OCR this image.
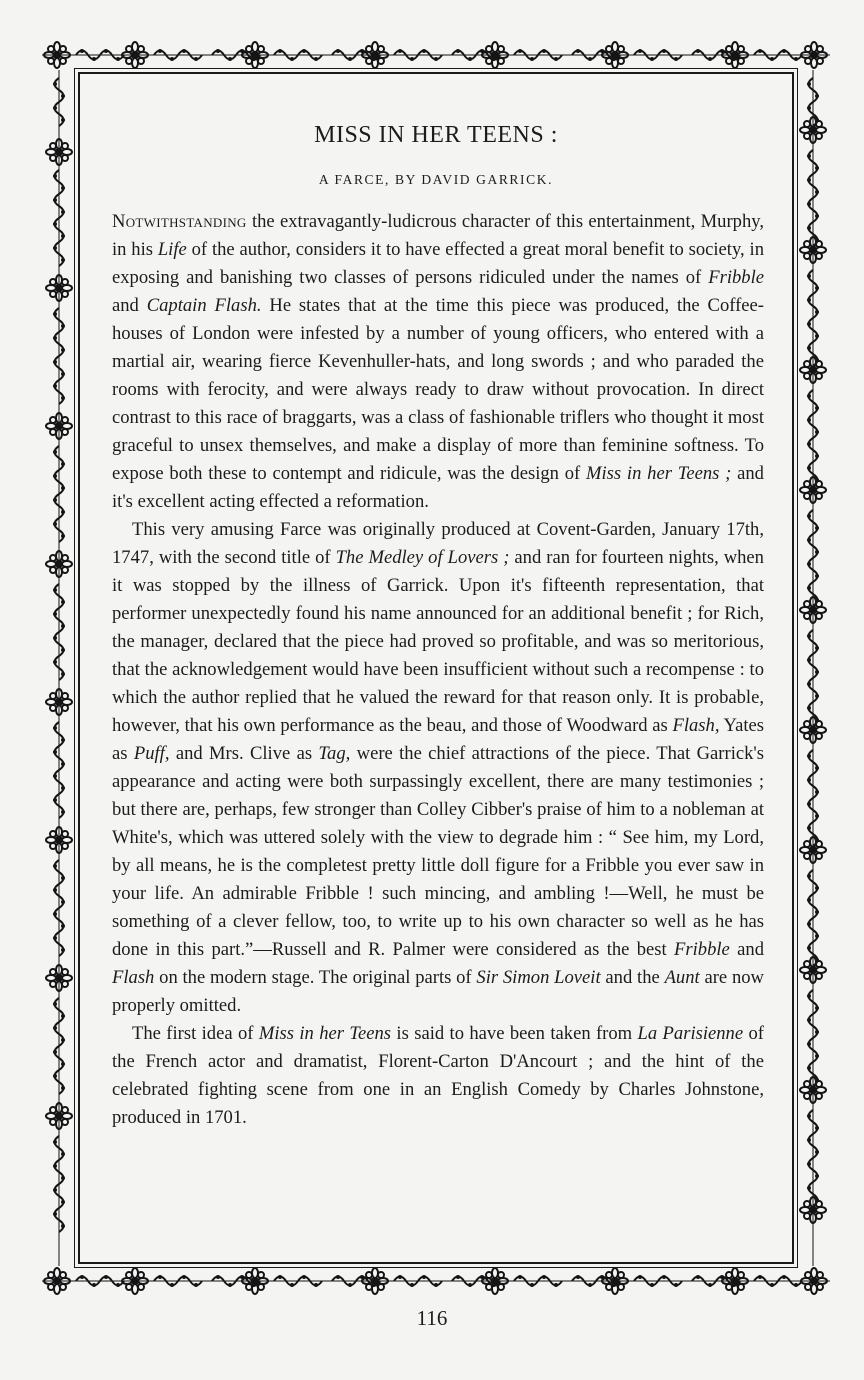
MISS IN HER TEENS :
A FARCE, BY DAVID GARRICK.

Notwithstanding the extravagantly-ludicrous character of this entertainment, Murphy, in his Life of the author, considers it to have effected a great moral benefit to society, in exposing and banishing two classes of persons ridiculed under the names of Fribble and Captain Flash. He states that at the time this piece was produced, the Coffee-houses of London were infested by a number of young officers, who entered with a martial air, wearing fierce Kevenhuller-hats, and long swords ; and who paraded the rooms with ferocity, and were always ready to draw without provocation. In direct contrast to this race of braggarts, was a class of fashionable triflers who thought it most graceful to unsex themselves, and make a display of more than feminine softness. To expose both these to contempt and ridicule, was the design of Miss in her Teens ; and it's excellent acting effected a reformation.

This very amusing Farce was originally produced at Covent-Garden, January 17th, 1747, with the second title of The Medley of Lovers ; and ran for fourteen nights, when it was stopped by the illness of Garrick. Upon it's fifteenth representation, that performer unexpectedly found his name announced for an additional benefit ; for Rich, the manager, declared that the piece had proved so profitable, and was so meritorious, that the acknowledgement would have been insufficient without such a recompense : to which the author replied that he valued the reward for that reason only. It is probable, however, that his own performance as the beau, and those of Woodward as Flash, Yates as Puff, and Mrs. Clive as Tag, were the chief attractions of the piece. That Garrick's appearance and acting were both surpassingly excellent, there are many testimonies ; but there are, perhaps, few stronger than Colley Cibber's praise of him to a nobleman at White's, which was uttered solely with the view to degrade him : “ See him, my Lord, by all means, he is the completest pretty little doll figure for a Fribble you ever saw in your life. An admirable Fribble ! such mincing, and ambling !—Well, he must be something of a clever fellow, too, to write up to his own character so well as he has done in this part.”—Russell and R. Palmer were considered as the best Fribble and Flash on the modern stage. The original parts of Sir Simon Loveit and the Aunt are now properly omitted.

The first idea of Miss in her Teens is said to have been taken from La Parisienne of the French actor and dramatist, Florent-Carton D'Ancourt ; and the hint of the celebrated fighting scene from one in an English Comedy by Charles Johnstone, produced in 1701.

116
